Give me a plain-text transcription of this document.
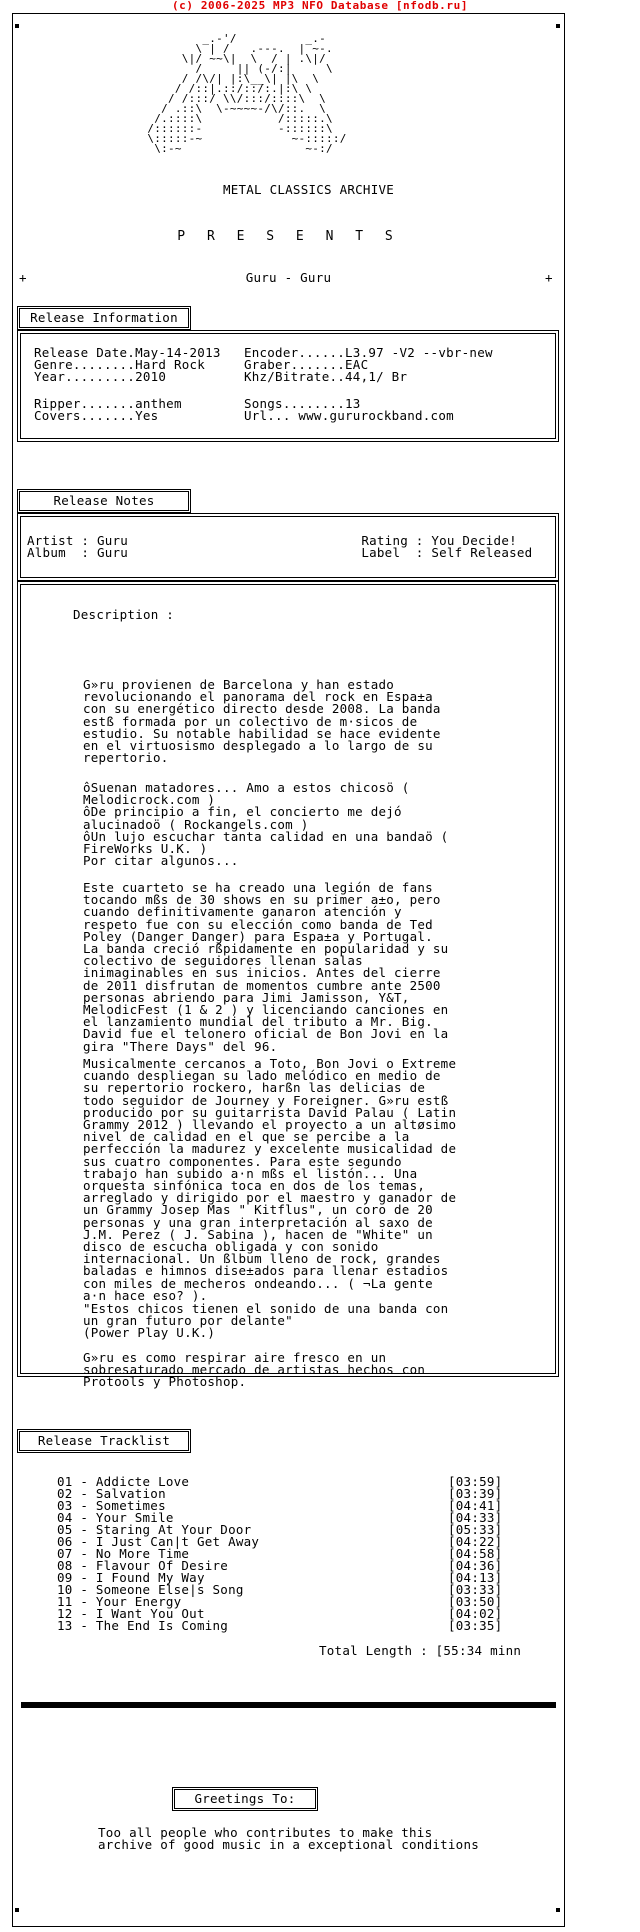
(c) 2006-2025 MP3 NFO Database [nfodb.ru]
_.-'/          _.-
\ | /   .---.  | ~-.
\|/ ~~\|  \  / | .\|/
/     || (-/:|     \
/ /\/| |:\__\| |\  \
/ /::|.::/::/:.|:\ \
/ /:::/ \\/:::/::::\  \
/ .::\  \-~~~~-/\/::.  \
/.::::\           /:::::.\
/::::::-           -::::::\
\:::::-~             ~-:::::/
\:-~                  ~-:/
METAL CLASSICS ARCHIVE
P R E S E N T S
+	Guru - Guru	+
Release Information
Release Date.May-14-2013   Encoder......L3.97 -V2 --vbr-new
Genre........Hard Rock     Graber.......EAC
Year.........2010          Khz/Bitrate..44,1/ Br
Ripper.......anthem        Songs........13
Covers.......Yes           Url... www.gururockband.com
Release Notes
Artist : Guru                              Rating : You Decide!
Album  : Guru                              Label  : Self Released
Description :
G»ru provienen de Barcelona y han estado
revolucionando el panorama del rock en Espa±a
con su energético directo desde 2008. La banda
estß formada por un colectivo de m·sicos de
estudio. Su notable habilidad se hace evidente
en el virtuosismo desplegado a lo largo de su
repertorio.
ôSuenan matadores... Amo a estos chicosö (
Melodicrock.com )
ôDe principio a fin, el concierto me dejó
alucinadoö ( Rockangels.com )
ôUn lujo escuchar tanta calidad en una bandaö (
FireWorks U.K. )
Por citar algunos...
Este cuarteto se ha creado una legión de fans
tocando mßs de 30 shows en su primer a±o, pero
cuando definitivamente ganaron atención y
respeto fue con su elección como banda de Ted
Poley (Danger Danger) para Espa±a y Portugal.
La banda creció rßpidamente en popularidad y su
colectivo de seguidores llenan salas
inimaginables en sus inicios. Antes del cierre
de 2011 disfrutan de momentos cumbre ante 2500
personas abriendo para Jimi Jamisson, Y&T,
MelodicFest (1 & 2 ) y licenciando canciones en
el lanzamiento mundial del tributo a Mr. Big.
David fue el telonero oficial de Bon Jovi en la
gira "There Days" del 96.
Musicalmente cercanos a Toto, Bon Jovi o Extreme
cuando despliegan su lado melódico en medio de
su repertorio rockero, harßn las delicias de
todo seguidor de Journey y Foreigner. G»ru estß
producido por su guitarrista David Palau ( Latin
Grammy 2012 ) llevando el proyecto a un altøsimo
nivel de calidad en el que se percibe a la
perfección la madurez y excelente musicalidad de
sus cuatro componentes. Para este segundo
trabajo han subido a·n mßs el listón... Una
orquesta sinfónica toca en dos de los temas,
arreglado y dirigido por el maestro y ganador de
un Grammy Josep Mas " Kitflus", un coro de 20
personas y una gran interpretación al saxo de
J.M. Perez ( J. Sabina ), hacen de "White" un
disco de escucha obligada y con sonido
internacional. Un ßlbum lleno de rock, grandes
baladas e himnos dise±ados para llenar estadios
con miles de mecheros ondeando... ( ¬La gente
a·n hace eso? ).
"Estos chicos tienen el sonido de una banda con
un gran futuro por delante"
(Power Play U.K.)
G»ru es como respirar aire fresco en un
sobresaturado mercado de artistas hechos con
Protools y Photoshop.
Release Tracklist
01 - Addicte Love	[03:59]
02 - Salvation	[03:39]
03 - Sometimes	[04:41]
04 - Your Smile	[04:33]
05 - Staring At Your Door	[05:33]
06 - I Just Can|t Get Away	[04:22]
07 - No More Time	[04:58]
08 - Flavour Of Desire	[04:36]
09 - I Found My Way	[04:13]
10 - Someone Else|s Song	[03:33]
11 - Your Energy	[03:50]
12 - I Want You Out	[04:02]
13 - The End Is Coming	[03:35]
Total Length : [55:34 minn
Greetings To:
Too all people who contributes to make this
archive of good music in a exceptional conditions
